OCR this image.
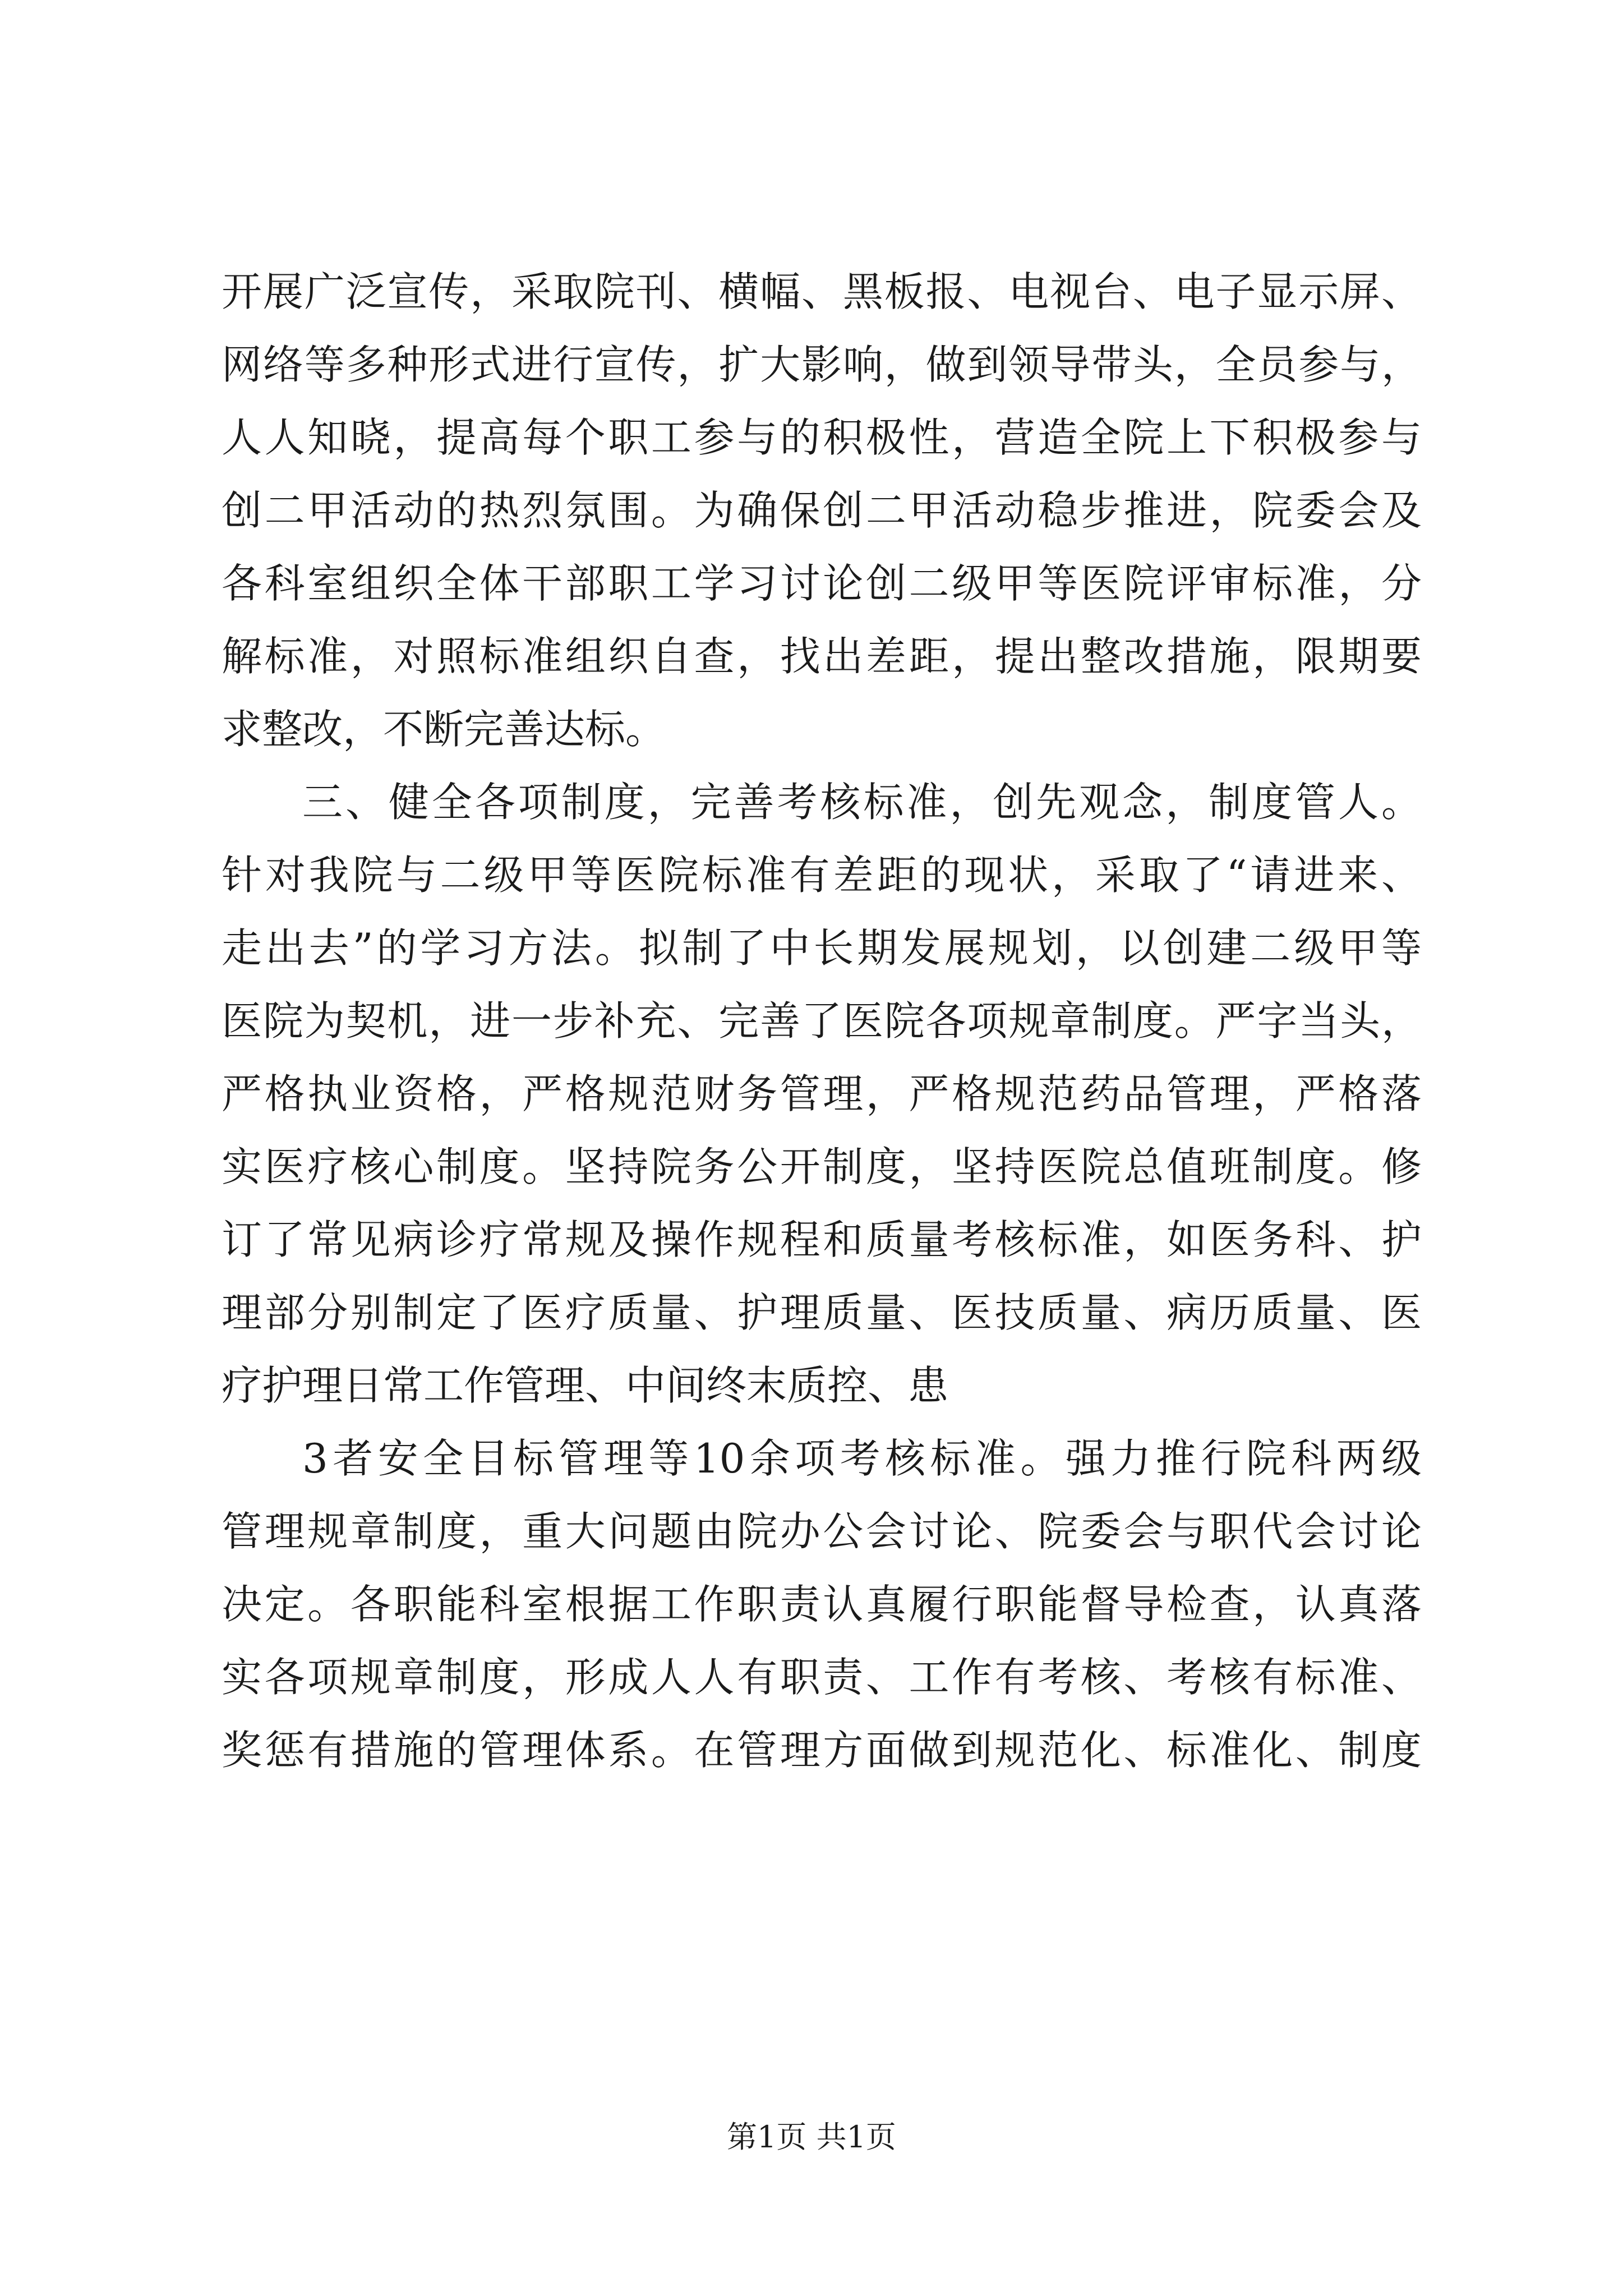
开展广泛宣传，采取院刊、横幅、黑板报、电视台、电子显示屏、
网络等多种形式进行宣传，扩大影响，做到领导带头，全员参与，
人人知晓，提高每个职工参与的积极性，营造全院上下积极参与
创二甲活动的热烈氛围。为确保创二甲活动稳步推进，院委会及
各科室组织全体干部职工学习讨论创二级甲等医院评审标准，分
解标准，对照标准组织自查，找出差距，提出整改措施，限期要
求整改，不断完善达标。
三、健全各项制度，完善考核标准，创先观念，制度管人。
针对我院与二级甲等医院标准有差距的现状，采取了“请进来、
走出去”的学习方法。拟制了中长期发展规划，以创建二级甲等
医院为契机，进一步补充、完善了医院各项规章制度。严字当头，
严格执业资格，严格规范财务管理，严格规范药品管理，严格落
实医疗核心制度。坚持院务公开制度，坚持医院总值班制度。修
订了常见病诊疗常规及操作规程和质量考核标准，如医务科、护
理部分别制定了医疗质量、护理质量、医技质量、病历质量、医
疗护理日常工作管理、中间终末质控、患
3者安全目标管理等10余项考核标准。强力推行院科两级
管理规章制度，重大问题由院办公会讨论、院委会与职代会讨论
决定。各职能科室根据工作职责认真履行职能督导检查，认真落
实各项规章制度，形成人人有职责、工作有考核、考核有标准、
奖惩有措施的管理体系。在管理方面做到规范化、标准化、制度
第1页 共1页
